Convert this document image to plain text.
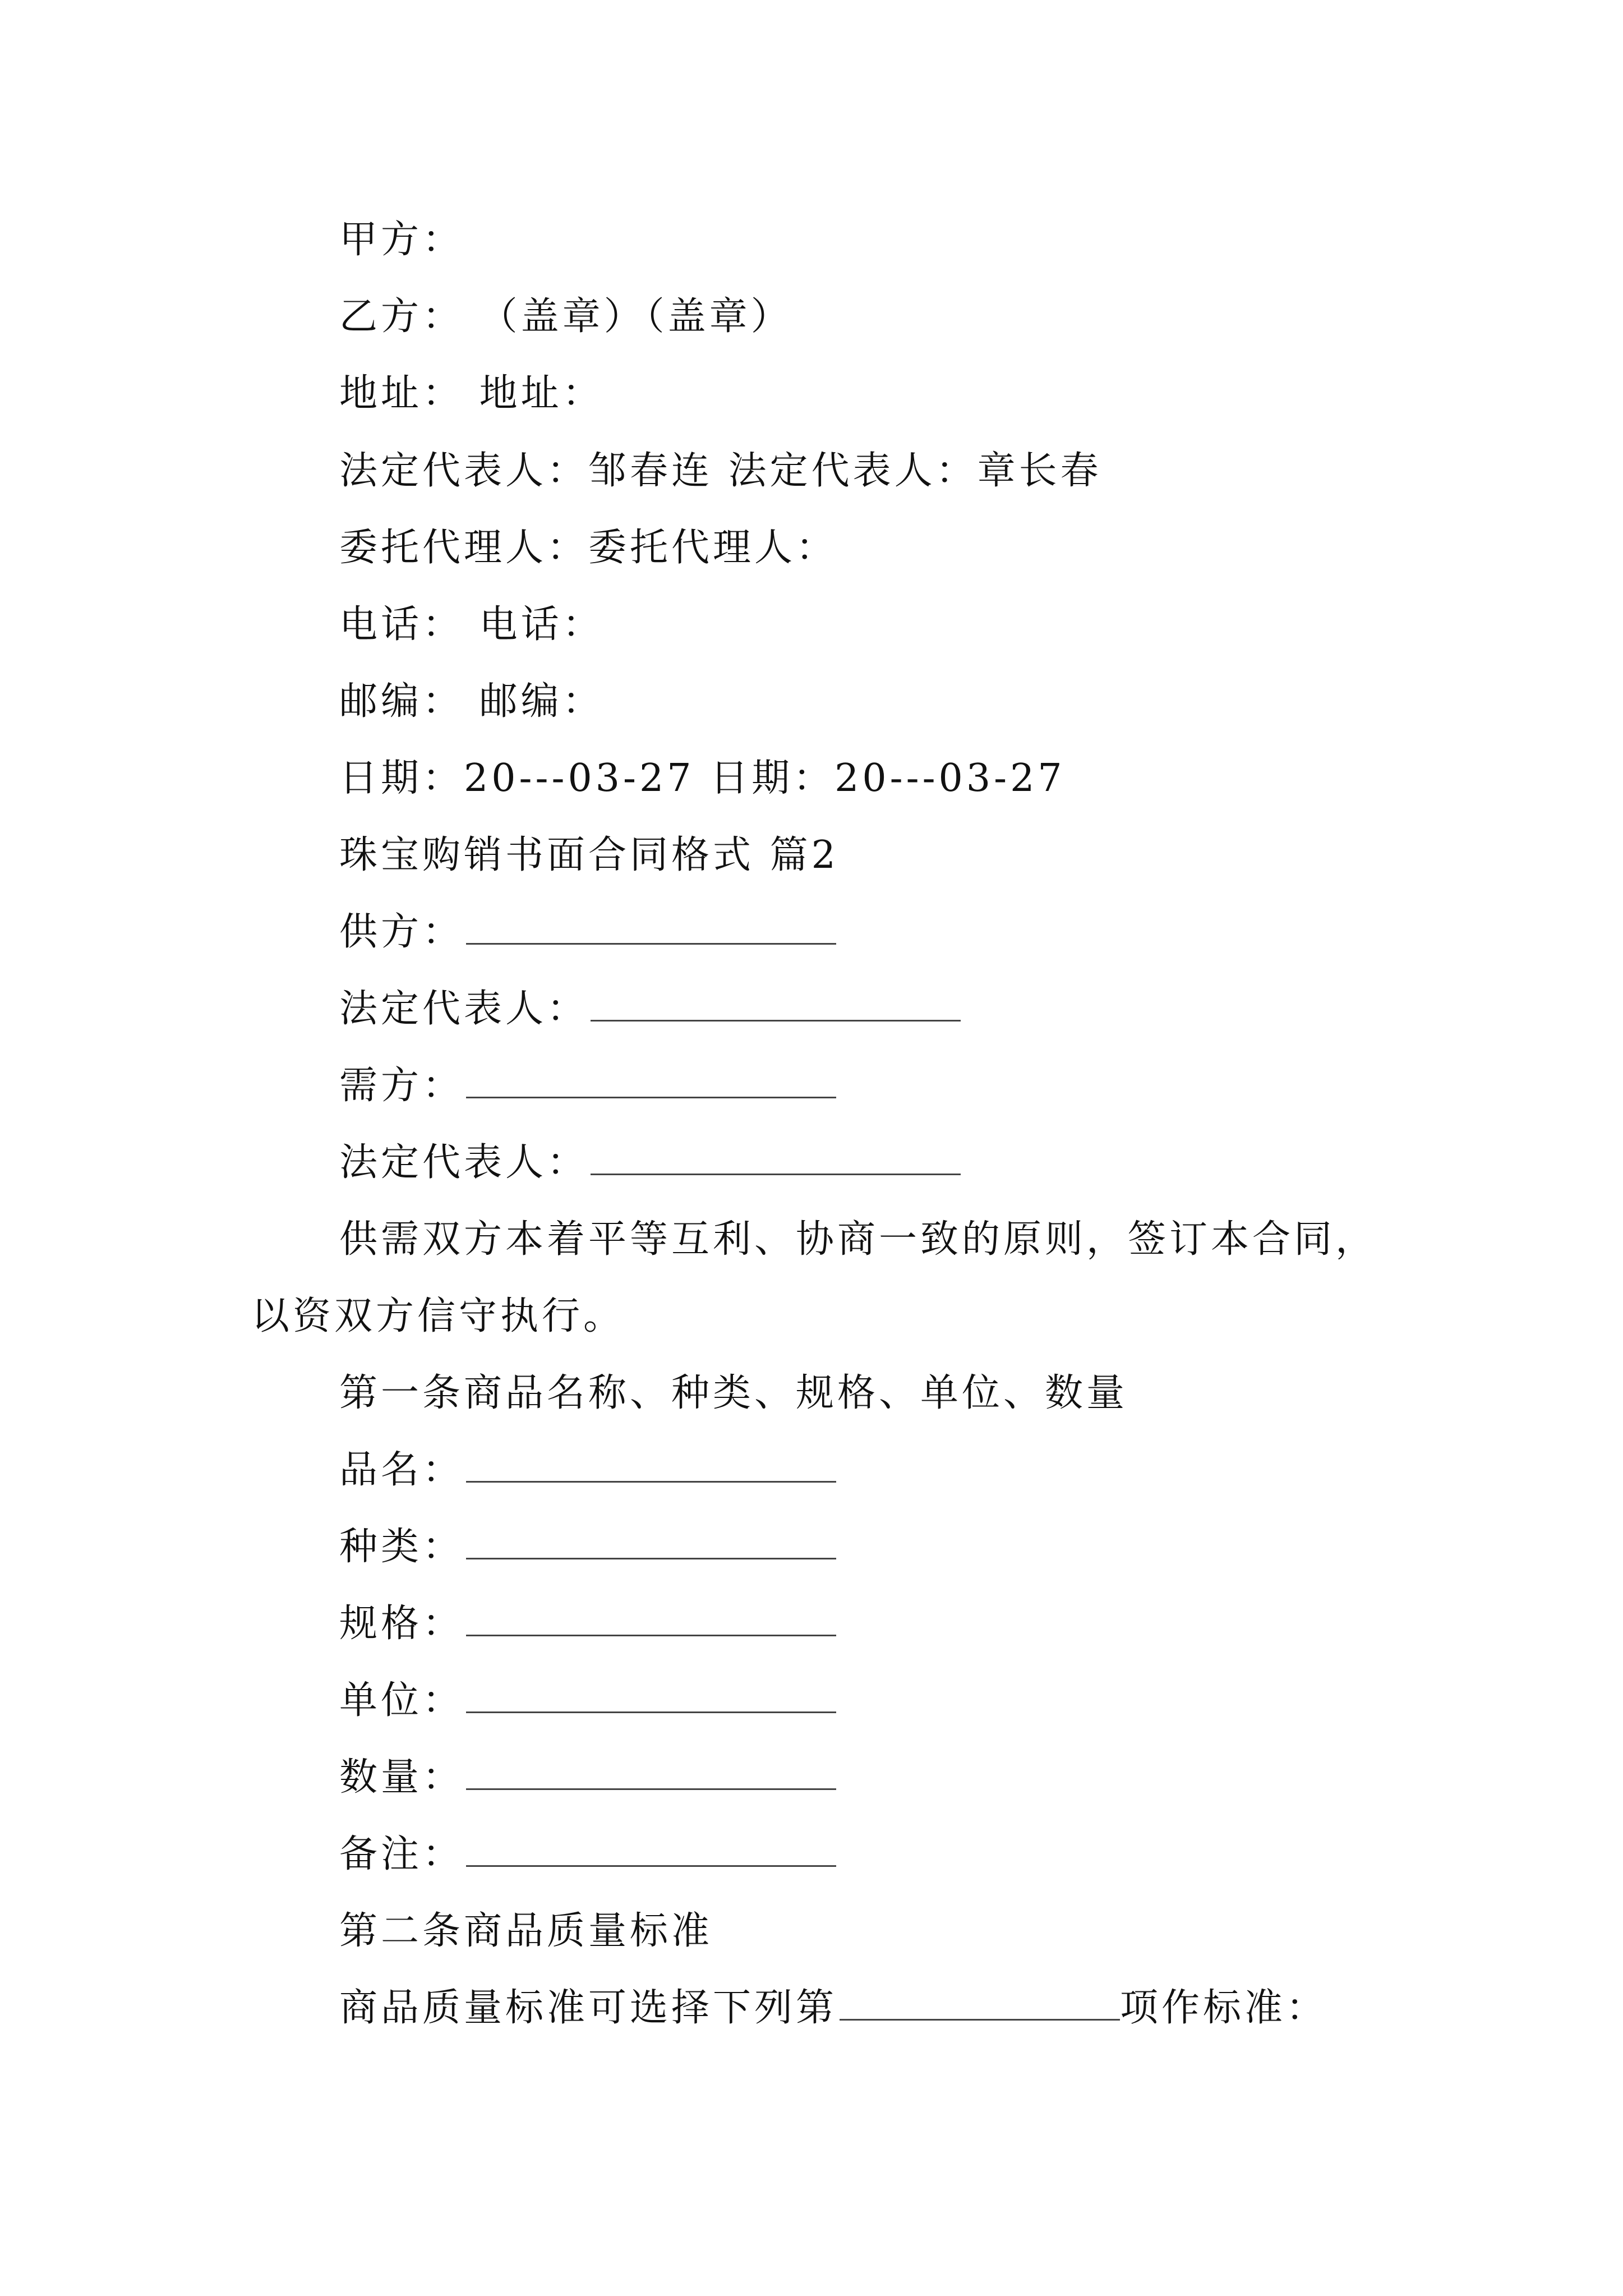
甲方：
乙方： （盖章）（盖章）
地址： 地址：
法定代表人：邹春连 法定代表人：章长春
委托代理人：委托代理人：
电话： 电话：
邮编： 邮编：
日期：20---03-27 日期：20---03-27
珠宝购销书面合同格式 篇2
供方：
法定代表人：
需方：
法定代表人：
供需双方本着平等互利、协商一致的原则，签订本合同，
以资双方信守执行。
第一条商品名称、种类、规格、单位、数量
品名：
种类：
规格：
单位：
数量：
备注：
第二条商品质量标准
商品质量标准可选择下列第	项作标准：
